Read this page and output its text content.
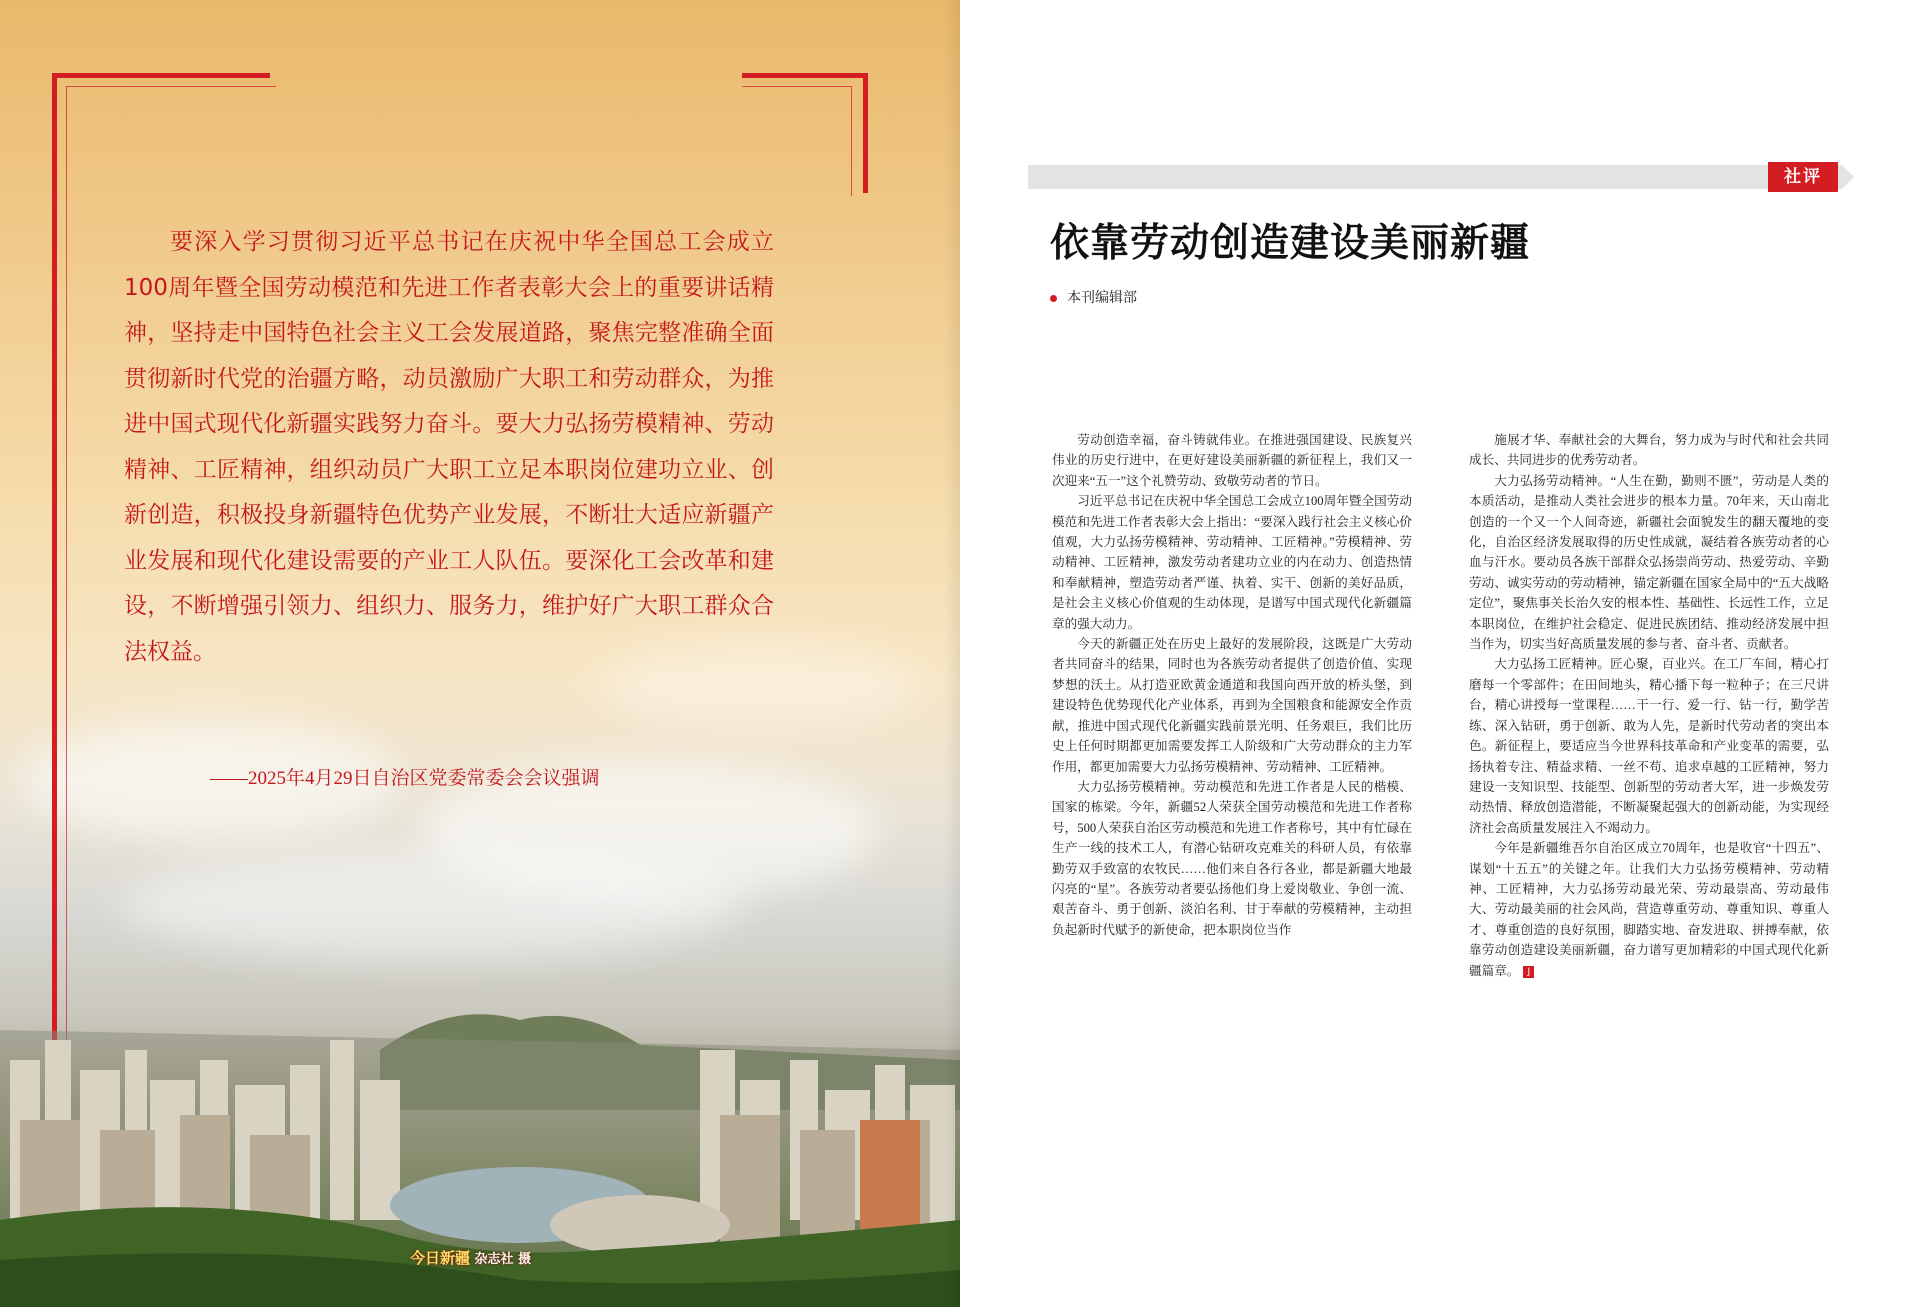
要深入学习贯彻习近平总书记在庆祝中华全国总工会成立100周年暨全国劳动模范和先进工作者表彰大会上的重要讲话精神，坚持走中国特色社会主义工会发展道路，聚焦完整准确全面贯彻新时代党的治疆方略，动员激励广大职工和劳动群众，为推进中国式现代化新疆实践努力奋斗。要大力弘扬劳模精神、劳动精神、工匠精神，组织动员广大职工立足本职岗位建功立业、创新创造，积极投身新疆特色优势产业发展，不断壮大适应新疆产业发展和现代化建设需要的产业工人队伍。要深化工会改革和建设，不断增强引领力、组织力、服务力，维护好广大职工群众合法权益。

——2025年4月29日自治区党委常委会会议强调
今日新疆 杂志社 摄
社评
依靠劳动创造建设美丽新疆
本刊编辑部

劳动创造幸福，奋斗铸就伟业。在推进强国建设、民族复兴伟业的历史行进中，在更好建设美丽新疆的新征程上，我们又一次迎来“五一”这个礼赞劳动、致敬劳动者的节日。

习近平总书记在庆祝中华全国总工会成立100周年暨全国劳动模范和先进工作者表彰大会上指出：“要深入践行社会主义核心价值观，大力弘扬劳模精神、劳动精神、工匠精神。”劳模精神、劳动精神、工匠精神，激发劳动者建功立业的内在动力、创造热情和奉献精神，塑造劳动者严谨、执着、实干、创新的美好品质，是社会主义核心价值观的生动体现，是谱写中国式现代化新疆篇章的强大动力。

今天的新疆正处在历史上最好的发展阶段，这既是广大劳动者共同奋斗的结果，同时也为各族劳动者提供了创造价值、实现梦想的沃土。从打造亚欧黄金通道和我国向西开放的桥头堡，到建设特色优势现代化产业体系，再到为全国粮食和能源安全作贡献，推进中国式现代化新疆实践前景光明、任务艰巨，我们比历史上任何时期都更加需要发挥工人阶级和广大劳动群众的主力军作用，都更加需要大力弘扬劳模精神、劳动精神、工匠精神。

大力弘扬劳模精神。劳动模范和先进工作者是人民的楷模、国家的栋梁。今年，新疆52人荣获全国劳动模范和先进工作者称号，500人荣获自治区劳动模范和先进工作者称号，其中有忙碌在生产一线的技术工人，有潜心钻研攻克难关的科研人员，有依靠勤劳双手致富的农牧民……他们来自各行各业，都是新疆大地最闪亮的“星”。各族劳动者要弘扬他们身上爱岗敬业、争创一流、艰苦奋斗、勇于创新、淡泊名利、甘于奉献的劳模精神，主动担负起新时代赋予的新使命，把本职岗位当作

施展才华、奉献社会的大舞台，努力成为与时代和社会共同成长、共同进步的优秀劳动者。

大力弘扬劳动精神。“人生在勤，勤则不匮”，劳动是人类的本质活动，是推动人类社会进步的根本力量。70年来，天山南北创造的一个又一个人间奇迹，新疆社会面貌发生的翻天覆地的变化，自治区经济发展取得的历史性成就，凝结着各族劳动者的心血与汗水。要动员各族干部群众弘扬崇尚劳动、热爱劳动、辛勤劳动、诚实劳动的劳动精神，锚定新疆在国家全局中的“五大战略定位”，聚焦事关长治久安的根本性、基础性、长远性工作，立足本职岗位，在维护社会稳定、促进民族团结、推动经济发展中担当作为，切实当好高质量发展的参与者、奋斗者、贡献者。

大力弘扬工匠精神。匠心聚，百业兴。在工厂车间，精心打磨每一个零部件；在田间地头，精心播下每一粒种子；在三尺讲台，精心讲授每一堂课程……干一行、爱一行、钻一行，勤学苦练、深入钻研，勇于创新、敢为人先，是新时代劳动者的突出本色。新征程上，要适应当今世界科技革命和产业变革的需要，弘扬执着专注、精益求精、一丝不苟、追求卓越的工匠精神，努力建设一支知识型、技能型、创新型的劳动者大军，进一步焕发劳动热情、释放创造潜能，不断凝聚起强大的创新动能，为实现经济社会高质量发展注入不竭动力。

今年是新疆维吾尔自治区成立70周年，也是收官“十四五”、谋划“十五五”的关键之年。让我们大力弘扬劳模精神、劳动精神、工匠精神，大力弘扬劳动最光荣、劳动最崇高、劳动最伟大、劳动最美丽的社会风尚，营造尊重劳动、尊重知识、尊重人才、尊重创造的良好氛围，脚踏实地、奋发进取、拼搏奉献，依靠劳动创造建设美丽新疆，奋力谱写更加精彩的中国式现代化新疆篇章。 J
